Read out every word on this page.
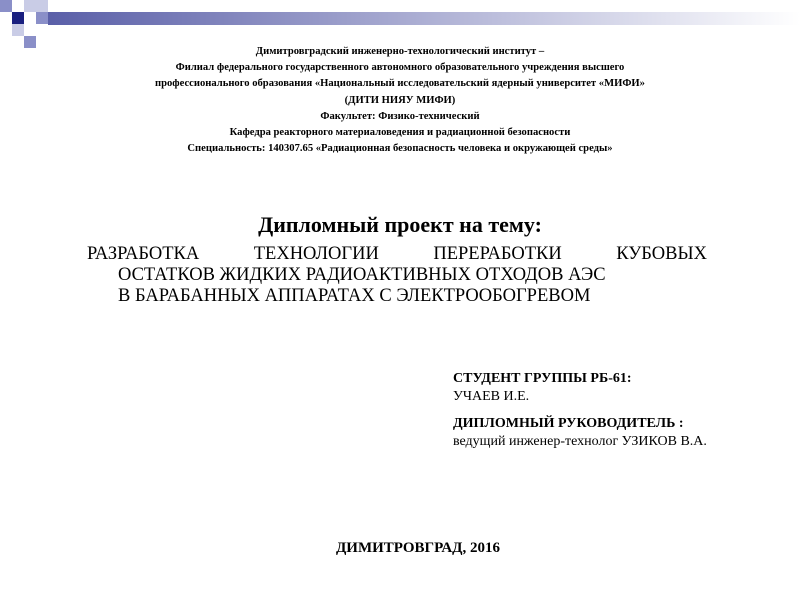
Димитровградский инженерно-технологический институт –
Филиал федерального государственного автономного образовательного учреждения высшего
профессионального образования «Национальный исследовательский ядерный университет «МИФИ»
(ДИТИ НИЯУ МИФИ)
Факультет: Физико-технический
Кафедра реакторного материаловедения и радиационной безопасности
Специальность: 140307.65 «Радиационная безопасность человека и окружающей среды»
Дипломный проект на тему:
РАЗРАБОТКА ТЕХНОЛОГИИ ПЕРЕРАБОТКИ КУБОВЫХ
ОСТАТКОВ ЖИДКИХ РАДИОАКТИВНЫХ ОТХОДОВ АЭС
В БАРАБАННЫХ АППАРАТАХ С ЭЛЕКТРООБОГРЕВОМ
СТУДЕНТ ГРУППЫ РБ-61:
УЧАЕВ И.Е.
ДИПЛОМНЫЙ РУКОВОДИТЕЛЬ :
ведущий инженер-технолог УЗИКОВ В.А.
ДИМИТРОВГРАД, 2016
